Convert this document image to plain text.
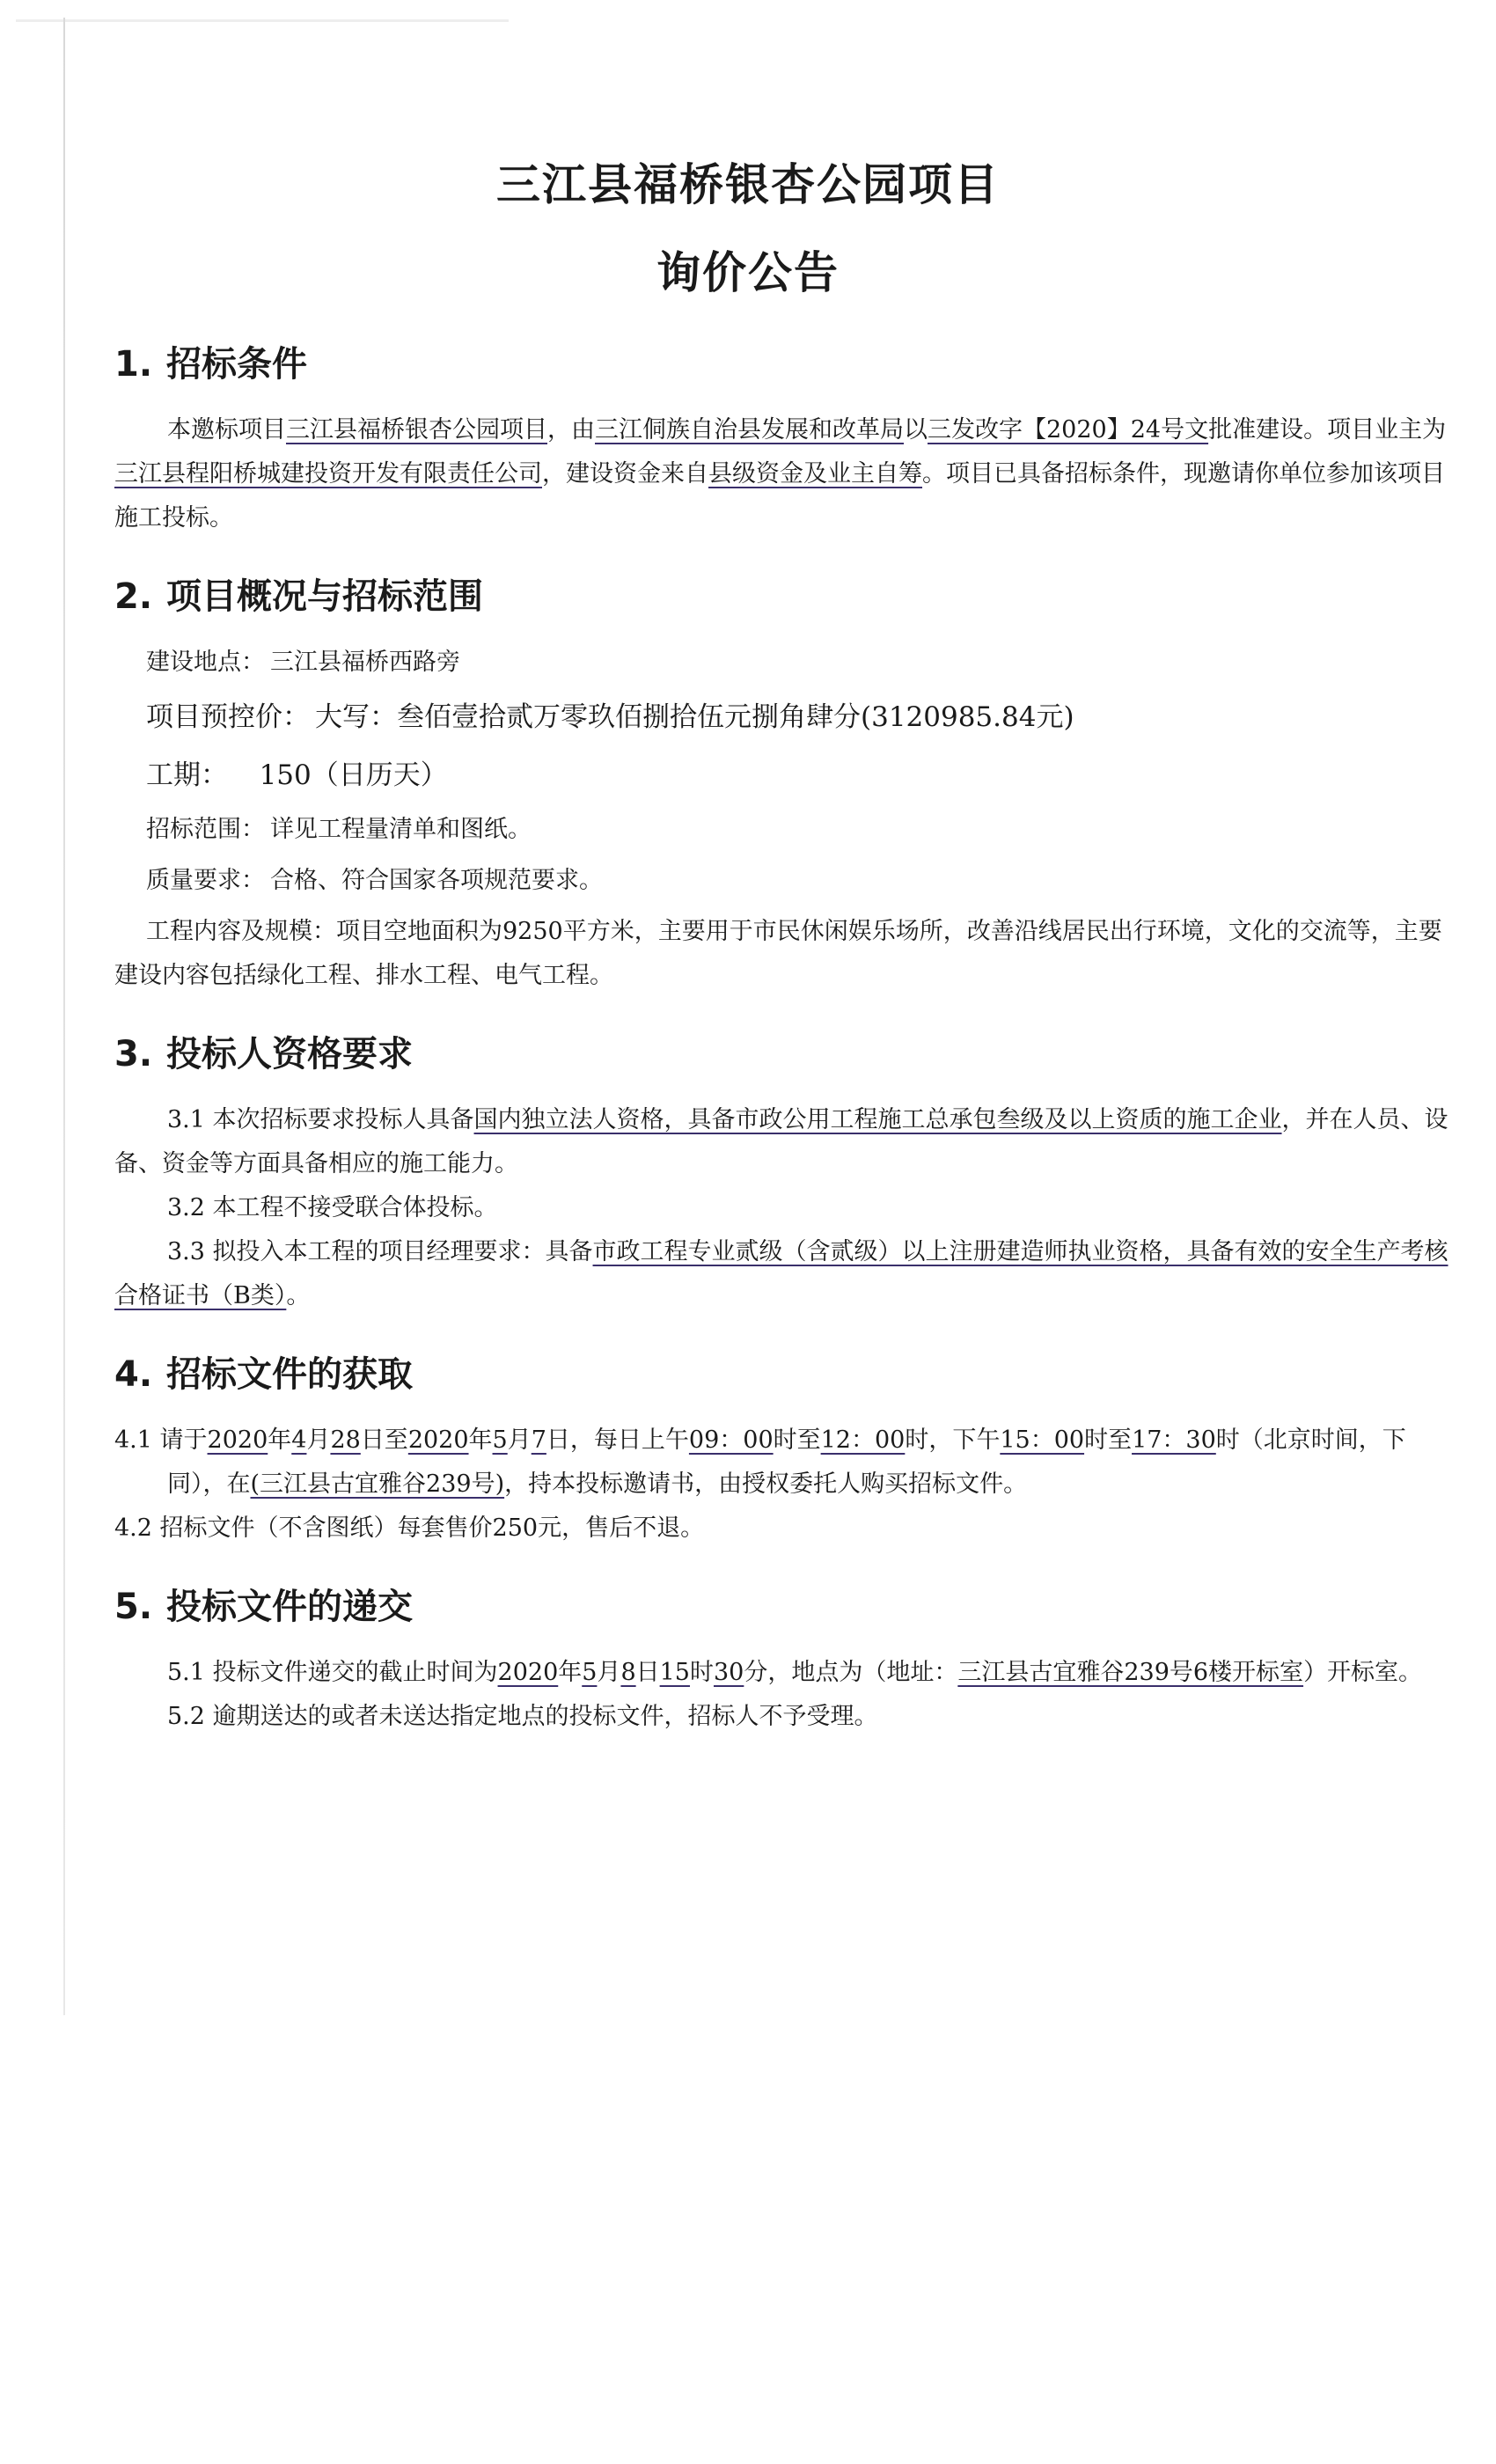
三江县福桥银杏公园项目
询价公告
1. 招标条件

本邀标项目三江县福桥银杏公园项目，由三江侗族自治县发展和改革局以三发改字【2020】24号文批准建设。项目业主为三江县程阳桥城建投资开发有限责任公司，建设资金来自县级资金及业主自筹。项目已具备招标条件，现邀请你单位参加该项目施工投标。

2. 项目概况与招标范围

建设地点： 三江县福桥西路旁

项目预控价： 大写：叁佰壹拾贰万零玖佰捌拾伍元捌角肆分(3120985.84元)

工期： 150（日历天）

招标范围： 详见工程量清单和图纸。

质量要求： 合格、符合国家各项规范要求。

工程内容及规模：项目空地面积为9250平方米，主要用于市民休闲娱乐场所，改善沿线居民出行环境，文化的交流等，主要建设内容包括绿化工程、排水工程、电气工程。

3. 投标人资格要求

3.1 本次招标要求投标人具备国内独立法人资格，具备市政公用工程施工总承包叁级及以上资质的施工企业，并在人员、设备、资金等方面具备相应的施工能力。

3.2 本工程不接受联合体投标。

3.3 拟投入本工程的项目经理要求：具备市政工程专业贰级（含贰级）以上注册建造师执业资格，具备有效的安全生产考核合格证书（B类）。

4. 招标文件的获取

4.1 请于2020年4月28日至2020年5月7日，每日上午09：00时至12：00时，下午15：00时至17：30时（北京时间，下同），在(三江县古宜雅谷239号)，持本投标邀请书，由授权委托人购买招标文件。

4.2 招标文件（不含图纸）每套售价250元，售后不退。

5. 投标文件的递交

5.1 投标文件递交的截止时间为2020年5月8日15时30分，地点为（地址：三江县古宜雅谷239号6楼开标室）开标室。

5.2 逾期送达的或者未送达指定地点的投标文件，招标人不予受理。
